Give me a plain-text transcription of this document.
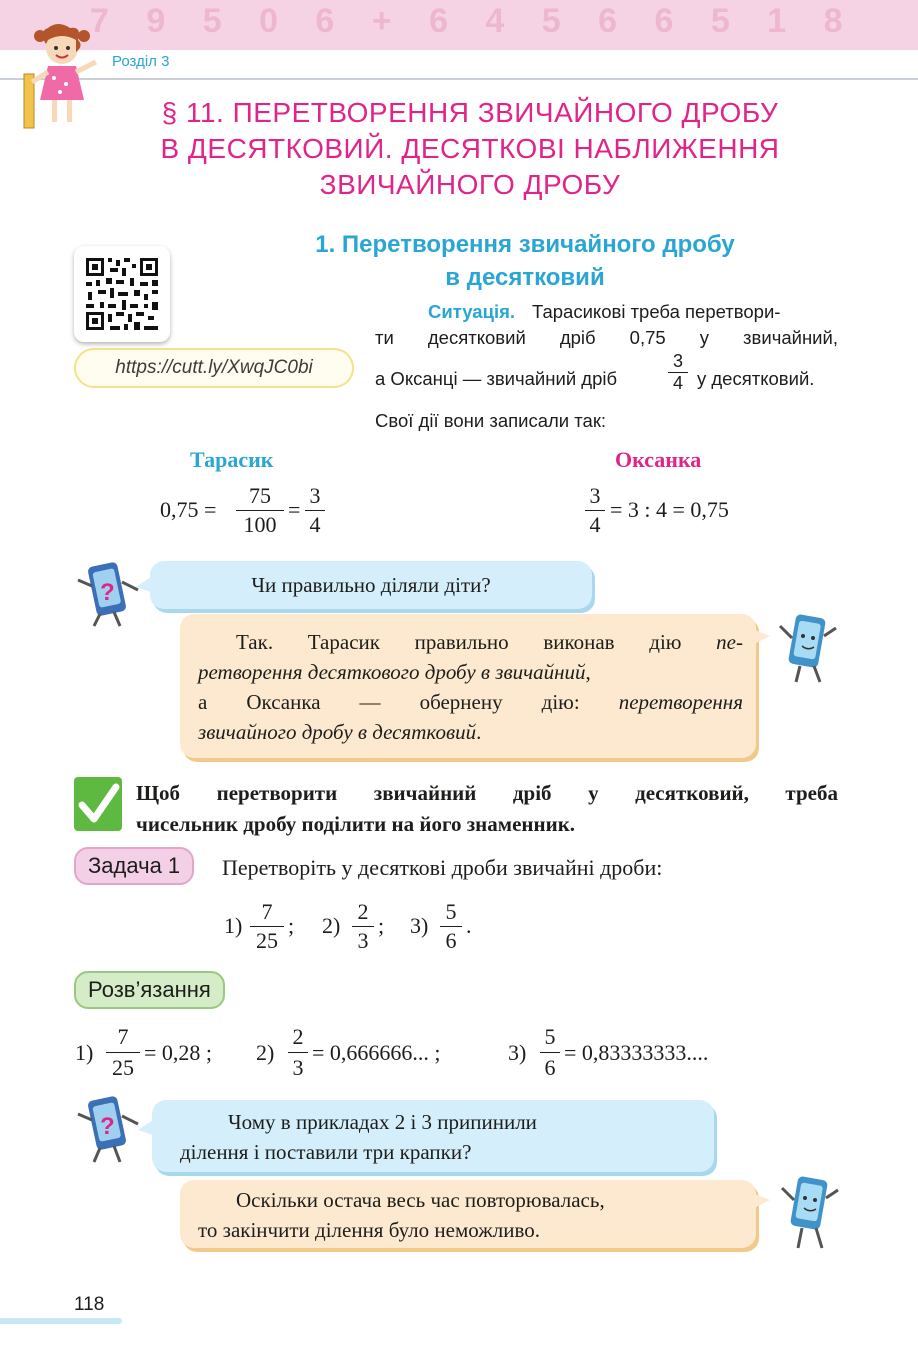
7 9 5 0 6 + 6 4 5 6 6 5 1 8
Розділ 3
§ 11. ПЕРЕТВОРЕННЯ ЗВИЧАЙНОГО ДРОБУ
В ДЕСЯТКОВИЙ. ДЕСЯТКОВІ НАБЛИЖЕННЯ
ЗВИЧАЙНОГО ДРОБУ
1. Перетворення звичайного дробу
в десятковий
https://cutt.ly/XwqJC0bi
Ситуація. Тарасикові треба перетвори-
ти десятковий дріб 0,75 у звичайний,
а Оксанці — звичайний дріб
3
4 у десятковий.
Свої дії вони записали так:
Тарасик	Оксанка
0,75 =
75
100
=
3
4
3
4
= 3 : 4 = 0,75
?	Чи правильно діляли діти?
Так. Тарасик правильно виконав дію пе-
ретворення десяткового дробу в звичайний,
а Оксанка — обернену дію: перетворення
звичайного дробу в десятковий.
Щоб перетворити звичайний дріб у десятковий, треба
чисельник дробу поділити на його знаменник.
Задача 1	Перетворіть у десяткові дроби звичайні дроби:
1)
7
25
; 2)
2
3
; 3)
5
6
.
Розв’язання
1)
7
25
= 0,28 ; 2)
2
3
= 0,666666... ;	3)
5
6
= 0,83333333....
?	Чому в прикладах 2 і 3 припинили
ділення і поставили три крапки?
Оскільки остача весь час повторювалась,
то закінчити ділення було неможливо.
118
